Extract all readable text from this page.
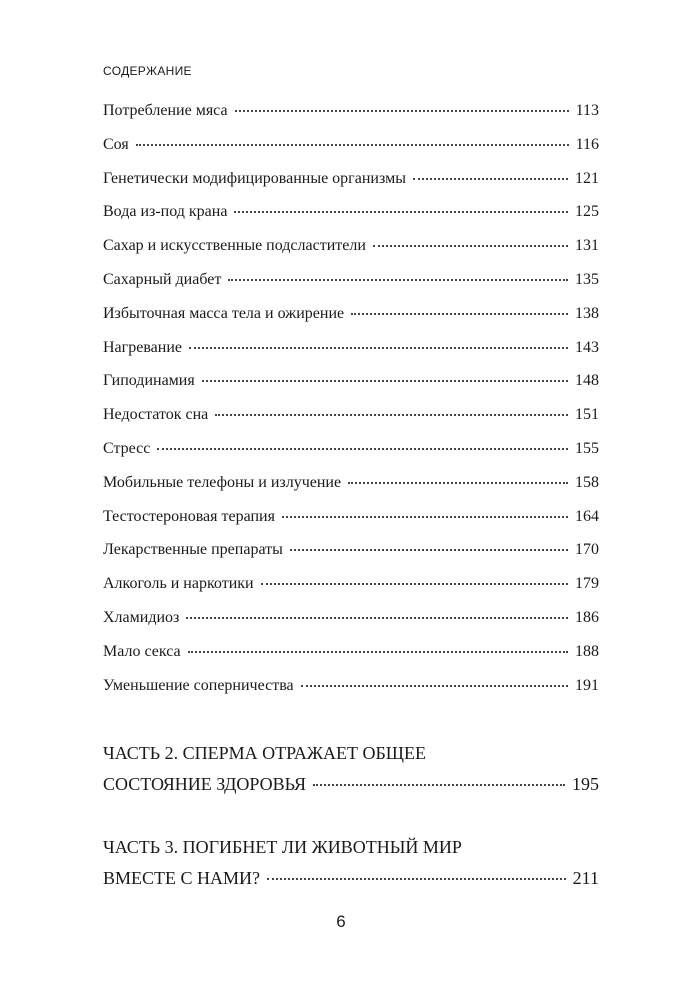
СОДЕРЖАНИЕ
Потребление мяса	113
Соя	116
Генетически модифицированные организмы	121
Вода из-под крана	125
Сахар и искусственные подсластители	131
Сахарный диабет	135
Избыточная масса тела и ожирение	138
Нагревание	143
Гиподинамия	148
Недостаток сна	151
Стресс	155
Мобильные телефоны и излучение	158
Тестостероновая терапия	164
Лекарственные препараты	170
Алкоголь и наркотики	179
Хламидиоз	186
Мало секса	188
Уменьшение соперничества	191
ЧАСТЬ 2. СПЕРМА ОТРАЖАЕТ ОБЩЕЕ
СОСТОЯНИЕ ЗДОРОВЬЯ	195
ЧАСТЬ 3. ПОГИБНЕТ ЛИ ЖИВОТНЫЙ МИР
ВМЕСТЕ С НАМИ?	211
6
